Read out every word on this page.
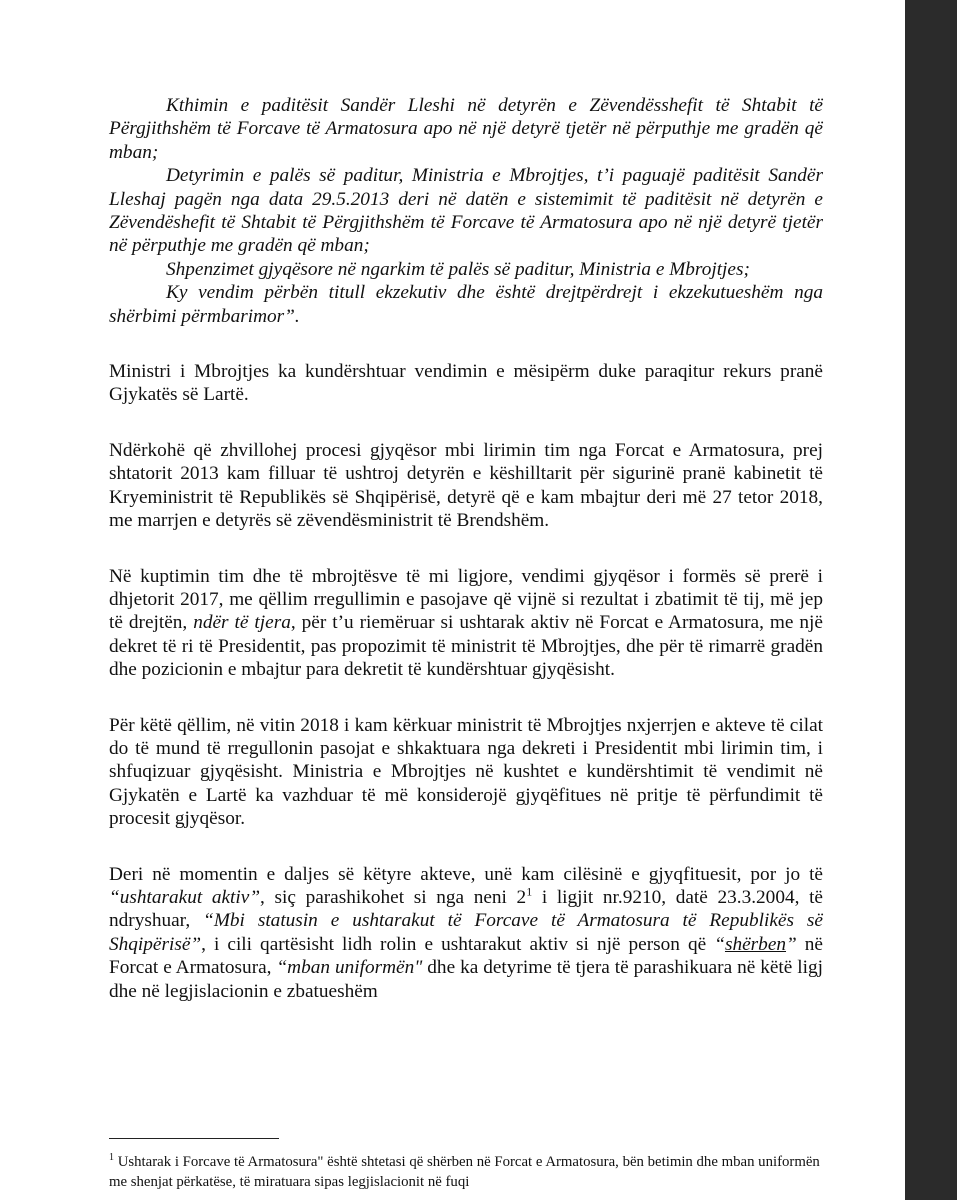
Kthimin e paditësit Sandër Lleshi në detyrën e Zëvendësshefit të Shtabit të Përgjithshëm të Forcave të Armatosura apo në një detyrë tjetër në përputhje me gradën që mban;

Detyrimin e palës së paditur, Ministria e Mbrojtjes, t’i paguajë paditësit Sandër Lleshaj pagën nga data 29.5.2013 deri në datën e sistemimit të paditësit në detyrën e Zëvendëshefit të Shtabit të Përgjithshëm të Forcave të Armatosura apo në një detyrë tjetër në përputhje me gradën që mban;

Shpenzimet gjyqësore në ngarkim të palës së paditur, Ministria e Mbrojtjes;

Ky vendim përbën titull ekzekutiv dhe është drejtpërdrejt i ekzekutueshëm nga shërbimi përmbarimor”.

Ministri i Mbrojtjes ka kundërshtuar vendimin e mësipërm duke paraqitur rekurs pranë Gjykatës së Lartë.

Ndërkohë që zhvillohej procesi gjyqësor mbi lirimin tim nga Forcat e Armatosura, prej shtatorit 2013 kam filluar të ushtroj detyrën e këshilltarit për sigurinë pranë kabinetit të Kryeministrit të Republikës së Shqipërisë, detyrë që e kam mbajtur deri më 27 tetor 2018, me marrjen e detyrës së zëvendësministrit të Brendshëm.

Në kuptimin tim dhe të mbrojtësve të mi ligjore, vendimi gjyqësor i formës së prerë i dhjetorit 2017, me qëllim rregullimin e pasojave që vijnë si rezultat i zbatimit të tij, më jep të drejtën, ndër të tjera, për t’u riemëruar si ushtarak aktiv në Forcat e Armatosura, me një dekret të ri të Presidentit, pas propozimit të ministrit të Mbrojtjes, dhe për të rimarrë gradën dhe pozicionin e mbajtur para dekretit të kundërshtuar gjyqësisht.

Për këtë qëllim, në vitin 2018 i kam kërkuar ministrit të Mbrojtjes nxjerrjen e akteve të cilat do të mund të rregullonin pasojat e shkaktuara nga dekreti i Presidentit mbi lirimin tim, i shfuqizuar gjyqësisht. Ministria e Mbrojtjes në kushtet e kundërshtimit të vendimit në Gjykatën e Lartë ka vazhduar të më konsiderojë gjyqëfitues në pritje të përfundimit të procesit gjyqësor.

Deri në momentin e daljes së këtyre akteve, unë kam cilësinë e gjyqfituesit, por jo të “ushtarakut aktiv”, siç parashikohet si nga neni $2^1$ i ligjit nr.9210, datë 23.3.2004, të ndryshuar, “Mbi statusin e ushtarakut të Forcave të Armatosura të Republikës së Shqipërisë”, i cili qartësisht lidh rolin e ushtarakut aktiv si një person që “shërben” në Forcat e Armatosura, “mban uniformën" dhe ka detyrime të tjera të parashikuara në këtë ligj dhe në legjislacionin e zbatueshëm

$^1$ Ushtarak i Forcave të Armatosura" është shtetasi që shërben në Forcat e Armatosura, bën betimin dhe mban uniformën me shenjat përkatëse, të miratuara sipas legjislacionit në fuqi
